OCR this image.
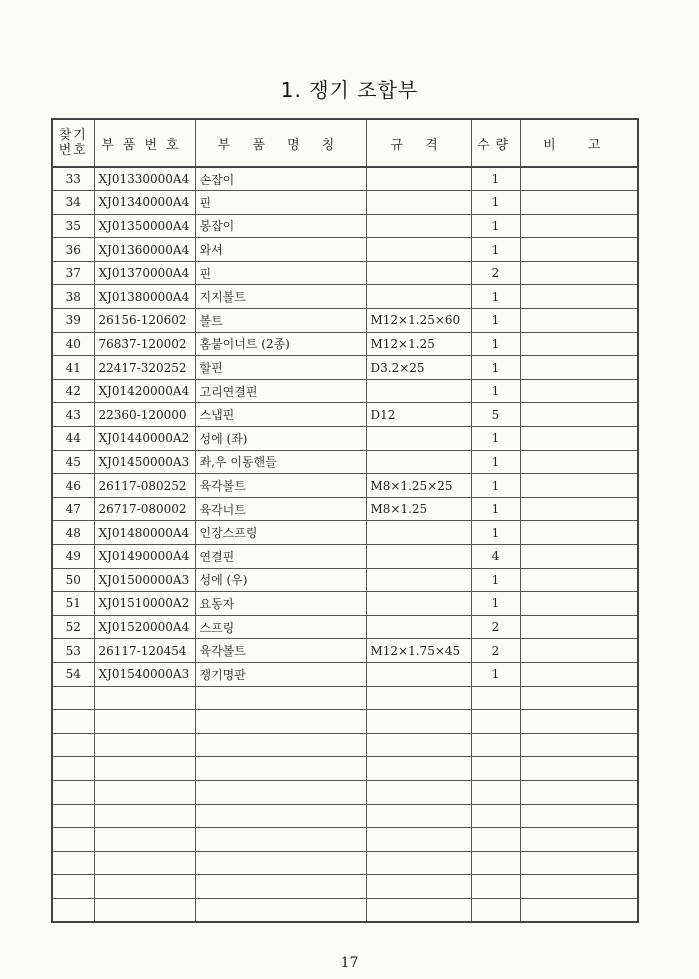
1. 쟁기 조합부
찾기
번호	부품번호	부 품 명 칭	규 격	수량	비 고
33	XJ01330000A4	손잡이		1	
34	XJ01340000A4	핀		1	
35	XJ01350000A4	봉잡이		1	
36	XJ01360000A4	와셔		1	
37	XJ01370000A4	핀		2	
38	XJ01380000A4	지지볼트		1	
39	26156-120602	볼트	M12×1.25×60	1	
40	76837-120002	홈붙이너트 (2종)	M12×1.25	1	
41	22417-320252	할핀	D3.2×25	1	
42	XJ01420000A4	고리연결핀		1	
43	22360-120000	스냅핀	D12	5	
44	XJ01440000A2	성에 (좌)		1	
45	XJ01450000A3	좌,우 이동핸들		1	
46	26117-080252	육각볼트	M8×1.25×25	1	
47	26717-080002	육각너트	M8×1.25	1	
48	XJ01480000A4	인장스프링		1	
49	XJ01490000A4	연결핀		4	
50	XJ01500000A3	성에 (우)		1	
51	XJ01510000A2	요동자		1	
52	XJ01520000A4	스프링		2	
53	26117-120454	육각볼트	M12×1.75×45	2	
54	XJ01540000A3	쟁기명판		1	

17
